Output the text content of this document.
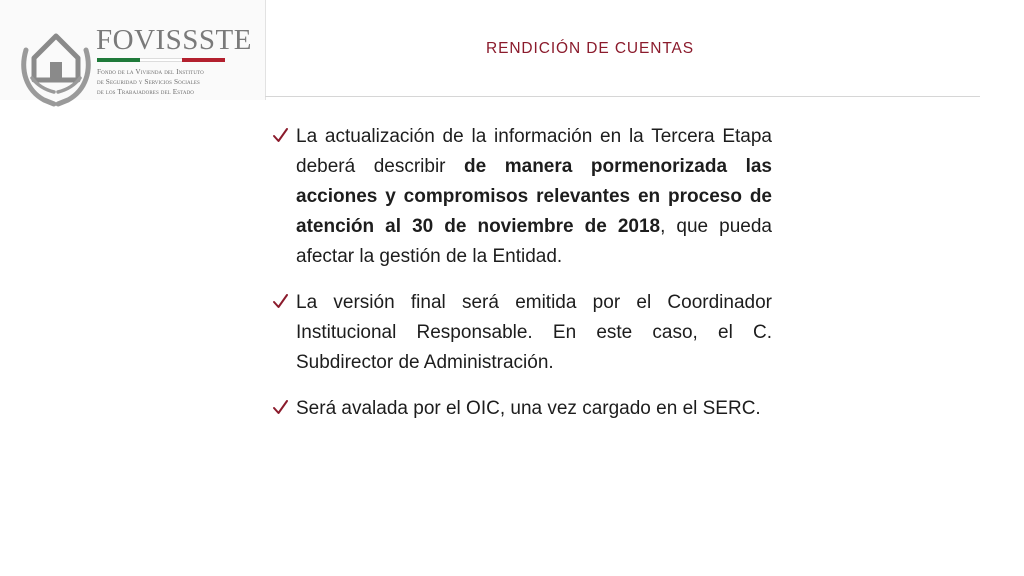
FOVISSSTE
Fondo de la Vivienda del Instituto
de Seguridad y Servicios Sociales
de los Trabajadores del Estado
RENDICIÓN DE CUENTAS
La actualización de la información en la Tercera Etapa deberá describir de manera pormenorizada las acciones y compromisos relevantes en proceso de atención al 30 de noviembre de 2018, que pueda afectar la gestión de la Entidad.
La versión final será emitida por el Coordinador Institucional Responsable. En este caso, el C. Subdirector de Administración.
Será avalada por el OIC, una vez cargado en el SERC.
